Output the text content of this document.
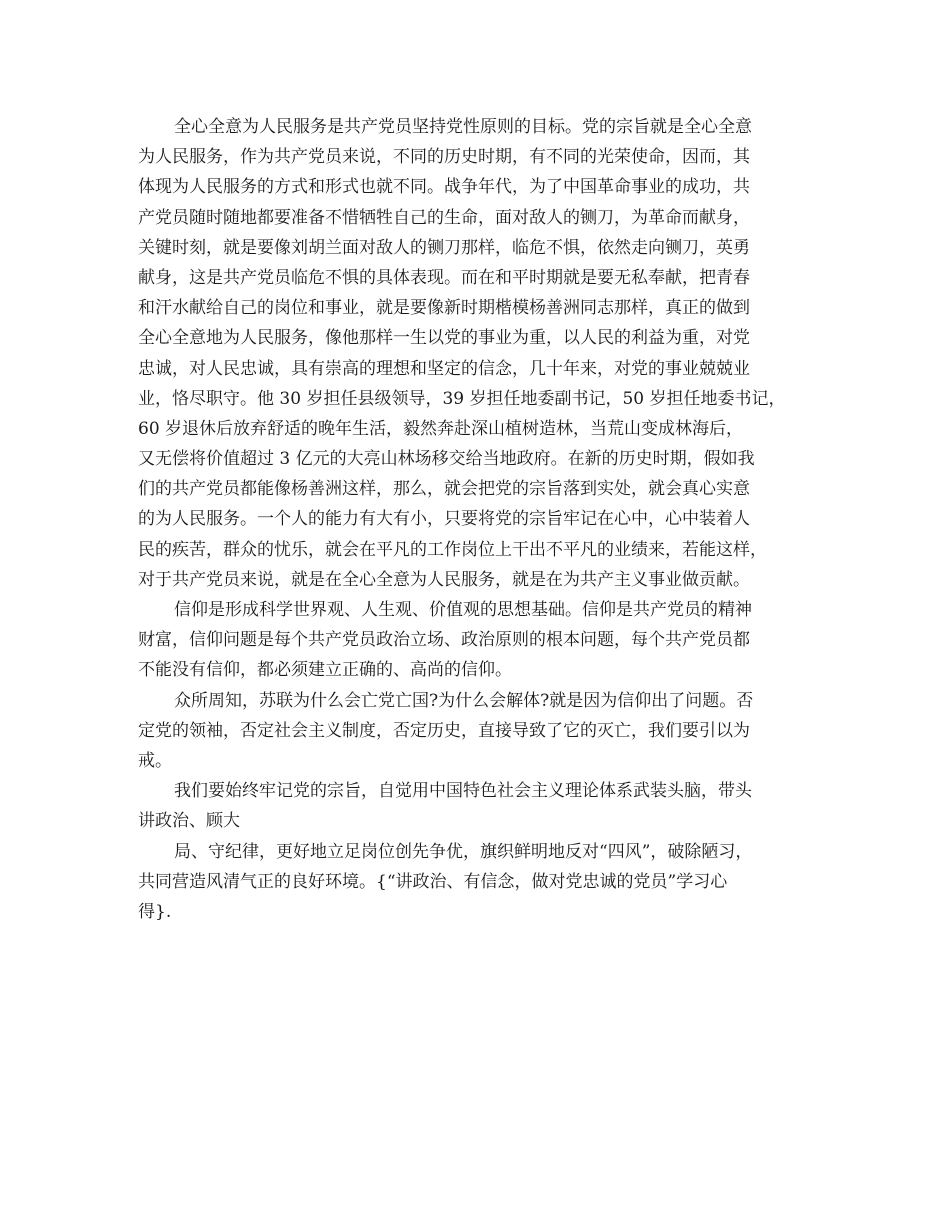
全心全意为人民服务是共产党员坚持党性原则的目标。党的宗旨就是全心全意
为人民服务，作为共产党员来说，不同的历史时期，有不同的光荣使命，因而，其
体现为人民服务的方式和形式也就不同。战争年代，为了中国革命事业的成功，共
产党员随时随地都要准备不惜牺牲自己的生命，面对敌人的铡刀，为革命而献身，
关键时刻，就是要像刘胡兰面对敌人的铡刀那样，临危不惧，依然走向铡刀，英勇
献身，这是共产党员临危不惧的具体表现。而在和平时期就是要无私奉献，把青春
和汗水献给自己的岗位和事业，就是要像新时期楷模杨善洲同志那样，真正的做到
全心全意地为人民服务，像他那样一生以党的事业为重，以人民的利益为重，对党
忠诚，对人民忠诚，具有崇高的理想和坚定的信念，几十年来，对党的事业兢兢业
业，恪尽职守。他 30 岁担任县级领导，39 岁担任地委副书记，50 岁担任地委书记，
60 岁退休后放弃舒适的晚年生活，毅然奔赴深山植树造林，当荒山变成林海后，
又无偿将价值超过 3 亿元的大亮山林场移交给当地政府。在新的历史时期，假如我
们的共产党员都能像杨善洲这样，那么，就会把党的宗旨落到实处，就会真心实意
的为人民服务。一个人的能力有大有小，只要将党的宗旨牢记在心中，心中装着人
民的疾苦，群众的忧乐，就会在平凡的工作岗位上干出不平凡的业绩来，若能这样，
对于共产党员来说，就是在全心全意为人民服务，就是在为共产主义事业做贡献。
信仰是形成科学世界观、人生观、价值观的思想基础。信仰是共产党员的精神
财富，信仰问题是每个共产党员政治立场、政治原则的根本问题，每个共产党员都
不能没有信仰，都必须建立正确的、高尚的信仰。
众所周知，苏联为什么会亡党亡国?为什么会解体?就是因为信仰出了问题。否
定党的领袖，否定社会主义制度，否定历史，直接导致了它的灭亡，我们要引以为
戒。
我们要始终牢记党的宗旨，自觉用中国特色社会主义理论体系武装头脑，带头
讲政治、顾大
局、守纪律，更好地立足岗位创先争优，旗织鲜明地反对“四风”，破除陋习，
共同营造风清气正的良好环境。{“讲政治、有信念，做对党忠诚的党员”学习心
得}.
